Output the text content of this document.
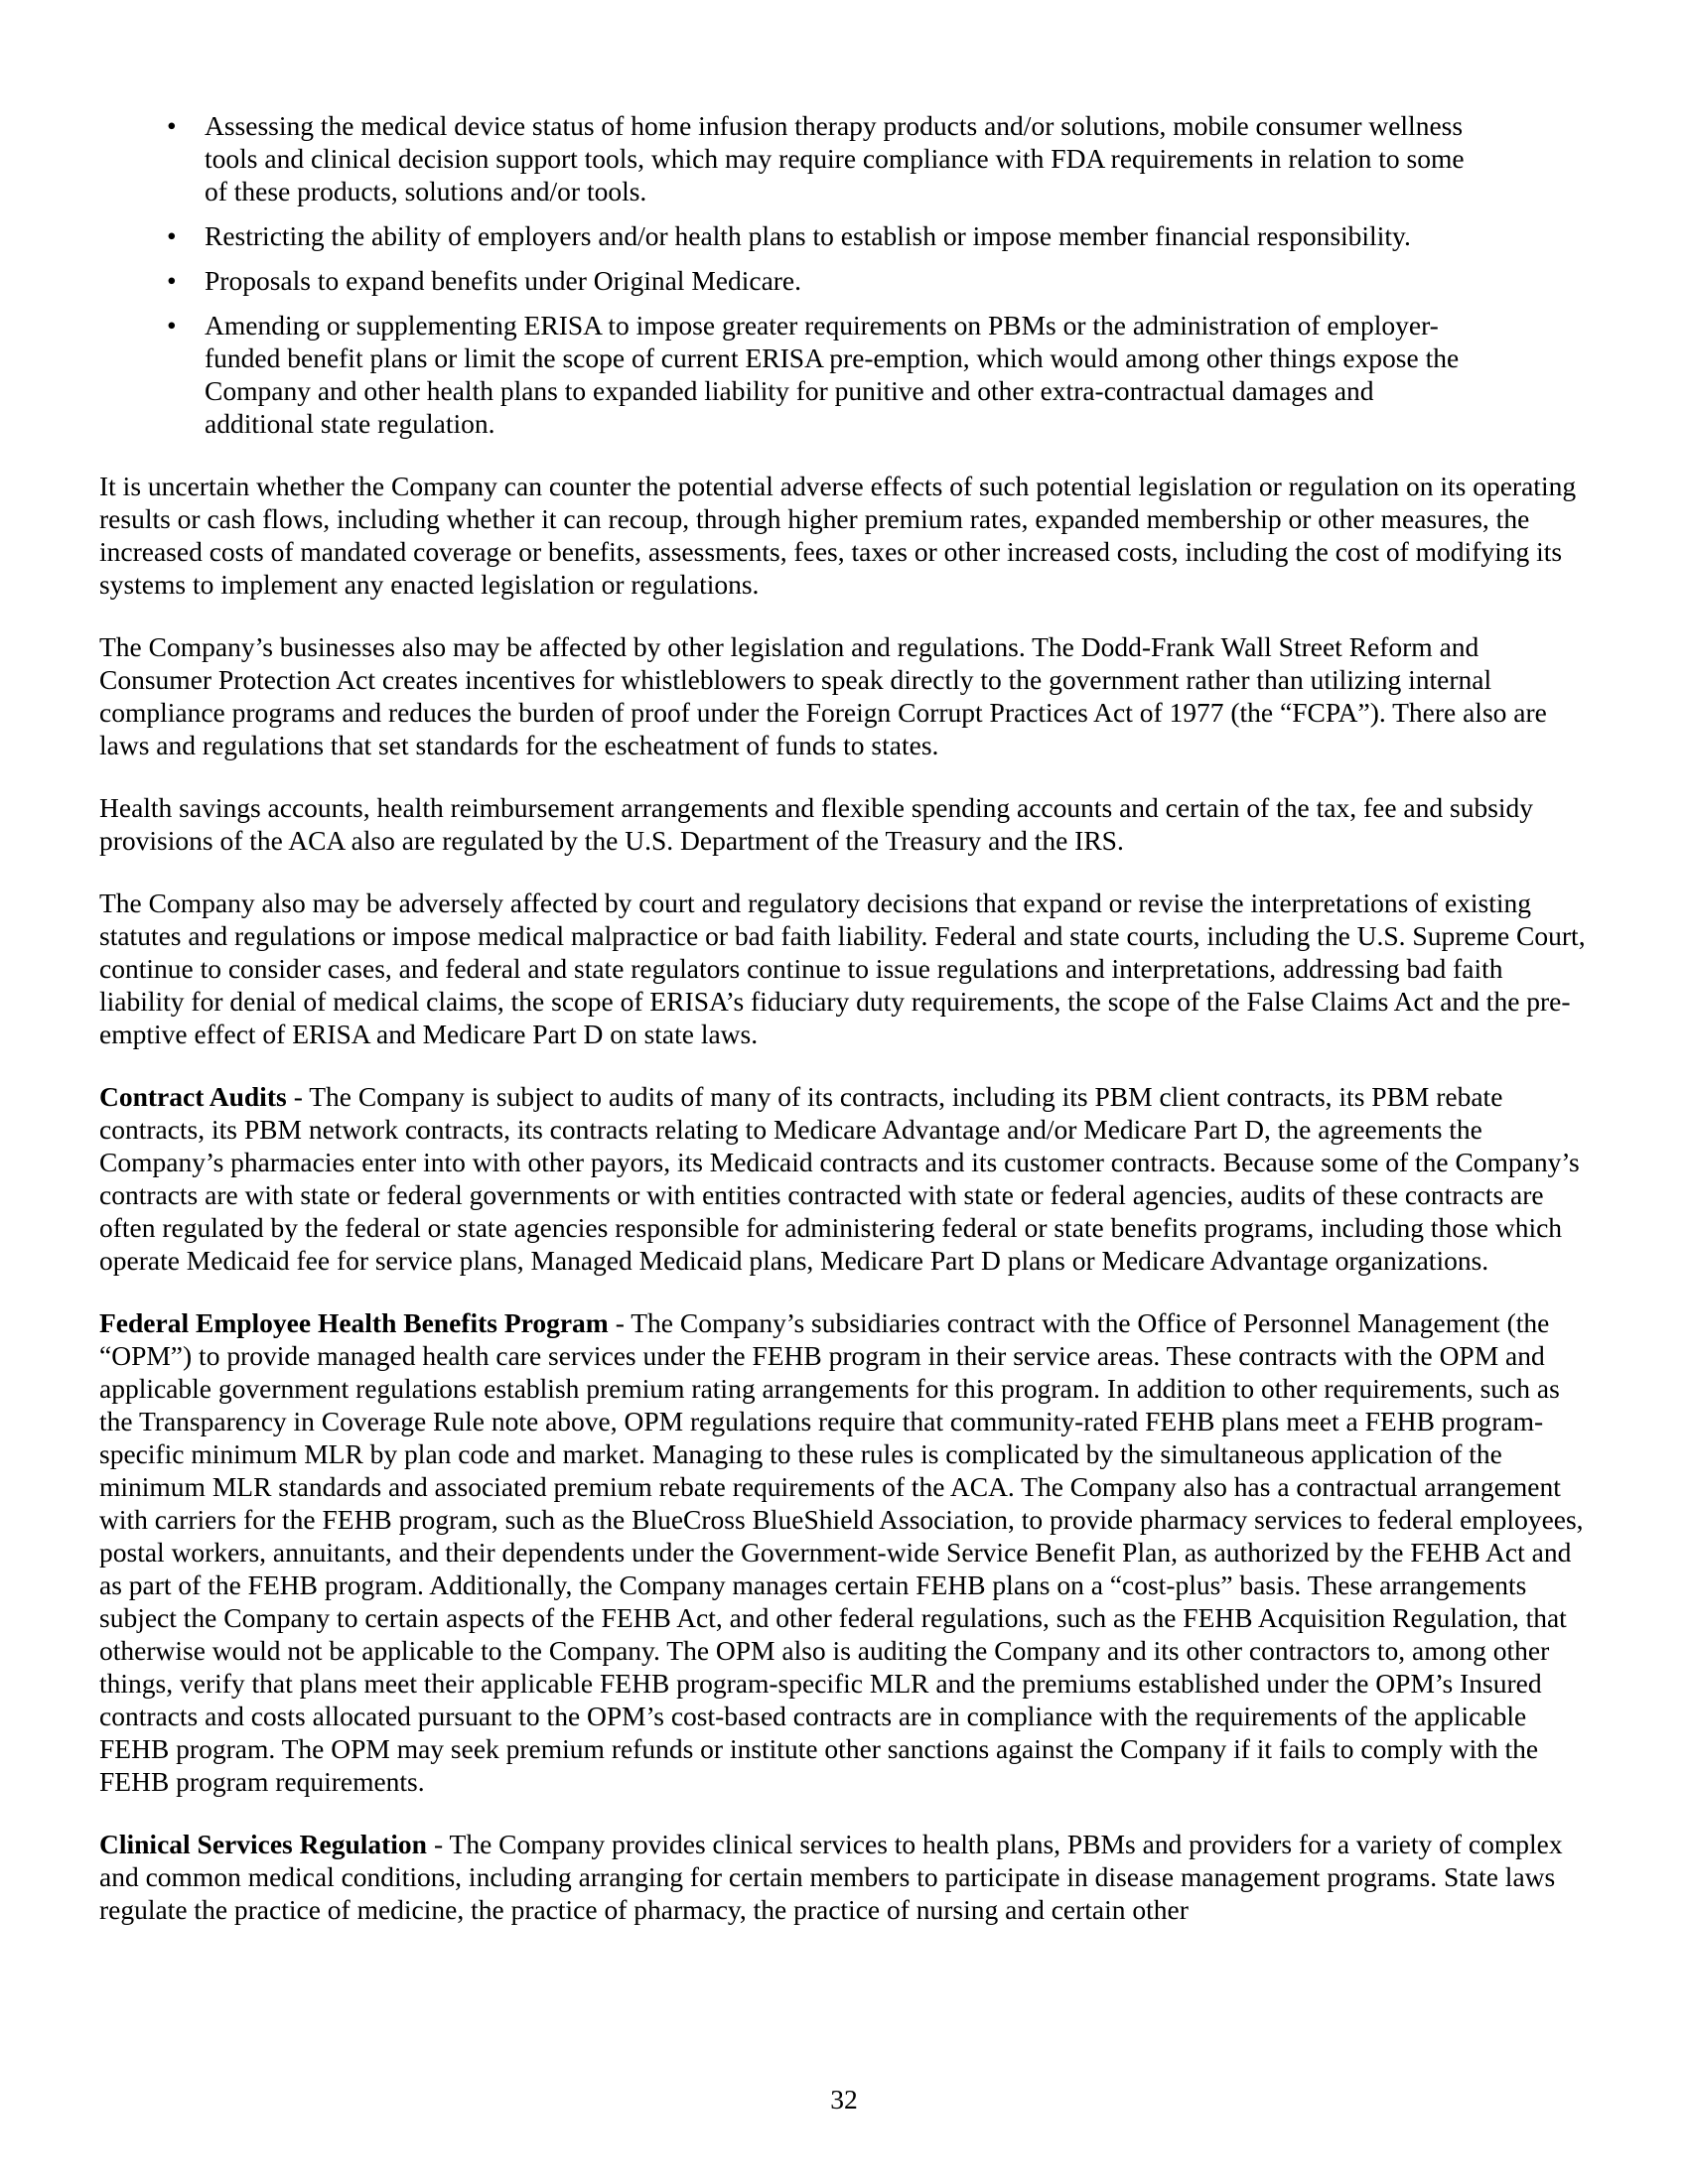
•	Assessing the medical device status of home infusion therapy products and/or solutions, mobile consumer wellness tools and clinical decision support tools, which may require compliance with FDA requirements in relation to some of these products, solutions and/or tools.
•	Restricting the ability of employers and/or health plans to establish or impose member financial responsibility.
•	Proposals to expand benefits under Original Medicare.
•	Amending or supplementing ERISA to impose greater requirements on PBMs or the administration of employer-funded benefit plans or limit the scope of current ERISA pre-emption, which would among other things expose the Company and other health plans to expanded liability for punitive and other extra-contractual damages and additional state regulation.

It is uncertain whether the Company can counter the potential adverse effects of such potential legislation or regulation on its operating results or cash flows, including whether it can recoup, through higher premium rates, expanded membership or other measures, the increased costs of mandated coverage or benefits, assessments, fees, taxes or other increased costs, including the cost of modifying its systems to implement any enacted legislation or regulations.

The Company’s businesses also may be affected by other legislation and regulations. The Dodd-Frank Wall Street Reform and Consumer Protection Act creates incentives for whistleblowers to speak directly to the government rather than utilizing internal compliance programs and reduces the burden of proof under the Foreign Corrupt Practices Act of 1977 (the “FCPA”). There also are laws and regulations that set standards for the escheatment of funds to states.

Health savings accounts, health reimbursement arrangements and flexible spending accounts and certain of the tax, fee and subsidy provisions of the ACA also are regulated by the U.S. Department of the Treasury and the IRS.

The Company also may be adversely affected by court and regulatory decisions that expand or revise the interpretations of existing statutes and regulations or impose medical malpractice or bad faith liability. Federal and state courts, including the U.S. Supreme Court, continue to consider cases, and federal and state regulators continue to issue regulations and interpretations, addressing bad faith liability for denial of medical claims, the scope of ERISA’s fiduciary duty requirements, the scope of the False Claims Act and the pre-emptive effect of ERISA and Medicare Part D on state laws.

Contract Audits - The Company is subject to audits of many of its contracts, including its PBM client contracts, its PBM rebate contracts, its PBM network contracts, its contracts relating to Medicare Advantage and/or Medicare Part D, the agreements the Company’s pharmacies enter into with other payors, its Medicaid contracts and its customer contracts. Because some of the Company’s contracts are with state or federal governments or with entities contracted with state or federal agencies, audits of these contracts are often regulated by the federal or state agencies responsible for administering federal or state benefits programs, including those which operate Medicaid fee for service plans, Managed Medicaid plans, Medicare Part D plans or Medicare Advantage organizations.

Federal Employee Health Benefits Program - The Company’s subsidiaries contract with the Office of Personnel Management (the “OPM”) to provide managed health care services under the FEHB program in their service areas. These contracts with the OPM and applicable government regulations establish premium rating arrangements for this program. In addition to other requirements, such as the Transparency in Coverage Rule note above, OPM regulations require that community-rated FEHB plans meet a FEHB program-specific minimum MLR by plan code and market. Managing to these rules is complicated by the simultaneous application of the minimum MLR standards and associated premium rebate requirements of the ACA. The Company also has a contractual arrangement with carriers for the FEHB program, such as the BlueCross BlueShield Association, to provide pharmacy services to federal employees, postal workers, annuitants, and their dependents under the Government-wide Service Benefit Plan, as authorized by the FEHB Act and as part of the FEHB program. Additionally, the Company manages certain FEHB plans on a “cost-plus” basis. These arrangements subject the Company to certain aspects of the FEHB Act, and other federal regulations, such as the FEHB Acquisition Regulation, that otherwise would not be applicable to the Company. The OPM also is auditing the Company and its other contractors to, among other things, verify that plans meet their applicable FEHB program-specific MLR and the premiums established under the OPM’s Insured contracts and costs allocated pursuant to the OPM’s cost-based contracts are in compliance with the requirements of the applicable FEHB program. The OPM may seek premium refunds or institute other sanctions against the Company if it fails to comply with the FEHB program requirements.

Clinical Services Regulation - The Company provides clinical services to health plans, PBMs and providers for a variety of complex and common medical conditions, including arranging for certain members to participate in disease management programs. State laws regulate the practice of medicine, the practice of pharmacy, the practice of nursing and certain other

32
